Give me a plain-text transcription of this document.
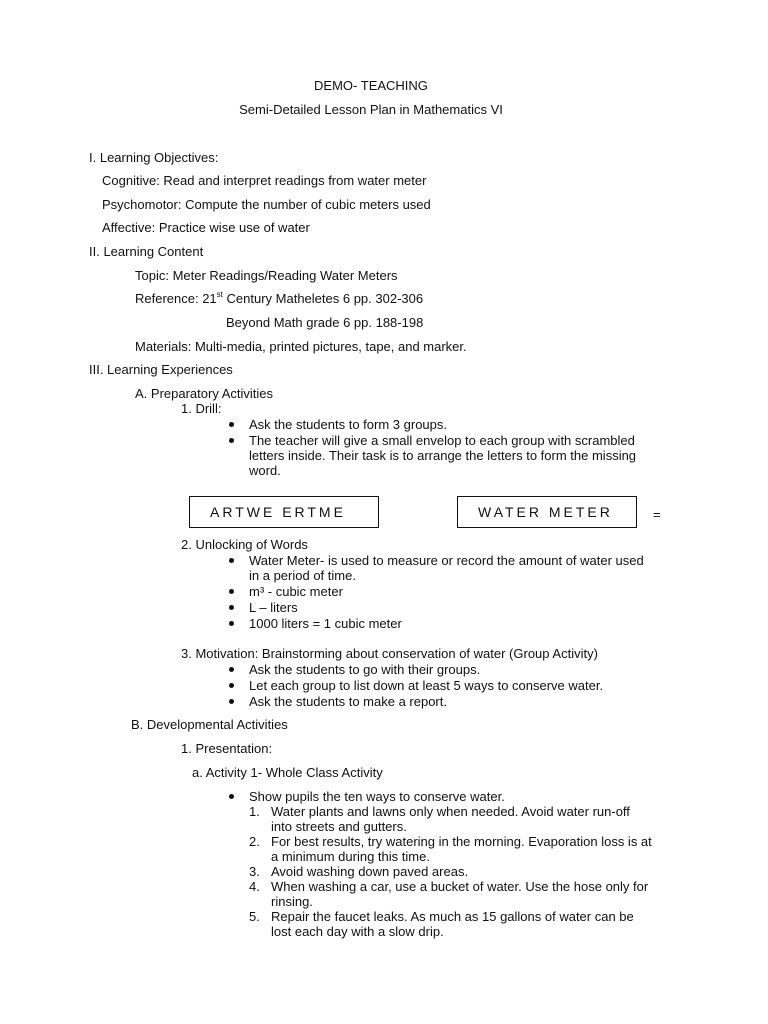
DEMO- TEACHING
Semi-Detailed Lesson Plan in Mathematics VI
I. Learning Objectives:
Cognitive: Read and interpret readings from water meter
Psychomotor: Compute the number of cubic meters used
Affective: Practice wise use of water
II. Learning Content
Topic: Meter Readings/Reading Water Meters
Reference: 21st Century Matheletes 6 pp. 302-306
Beyond Math grade 6 pp. 188-198
Materials: Multi-media, printed pictures, tape, and marker.
III. Learning Experiences
A. Preparatory Activities
1. Drill:
Ask the students to form 3 groups.
The teacher will give a small envelop to each group with scrambled
letters inside. Their task is to arrange the letters to form the missing
word.
ARTWE ERTME	WATER METER	=
2. Unlocking of Words
Water Meter- is used to measure or record the amount of water used
in a period of time.
m³ - cubic meter
L – liters
1000 liters = 1 cubic meter
3. Motivation: Brainstorming about conservation of water (Group Activity)
Ask the students to go with their groups.
Let each group to list down at least 5 ways to conserve water.
Ask the students to make a report.
B. Developmental Activities
1. Presentation:
a. Activity 1- Whole Class Activity
Show pupils the ten ways to conserve water.
1. Water plants and lawns only when needed. Avoid water run-off
into streets and gutters.
2. For best results, try watering in the morning. Evaporation loss is at
a minimum during this time.
3. Avoid washing down paved areas.
4. When washing a car, use a bucket of water. Use the hose only for
rinsing.
5. Repair the faucet leaks. As much as 15 gallons of water can be
lost each day with a slow drip.
